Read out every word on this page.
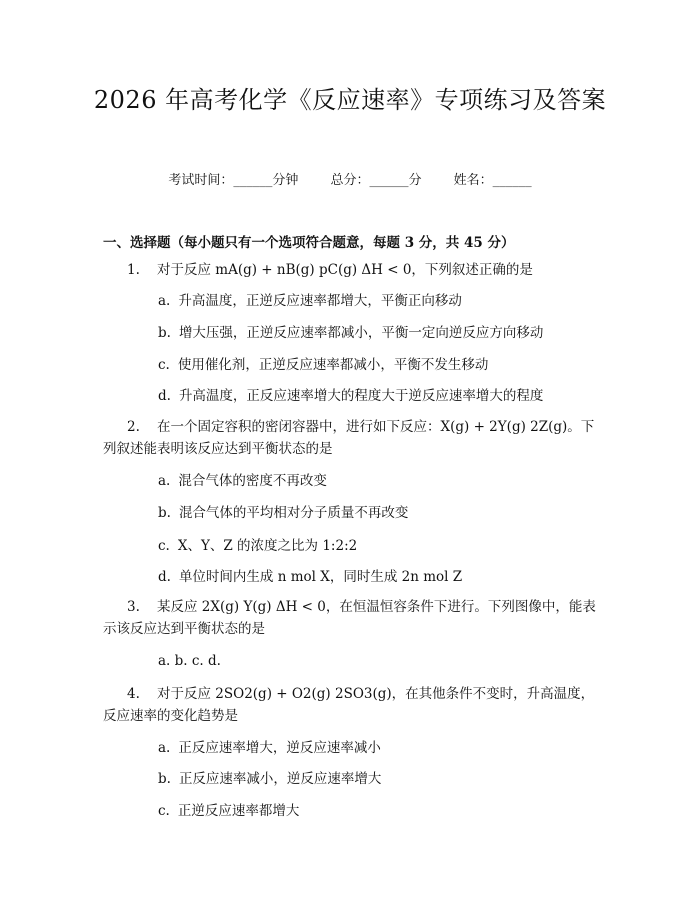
2026 年高考化学《反应速率》专项练习及答案
考试时间：______分钟 总分：______分 姓名：______
一、选择题（每小题只有一个选项符合题意，每题 3 分，共 45 分）
1. 对于反应 mA(g) + nB(g) pC(g) ΔH < 0，下列叙述正确的是
a. 升高温度，正逆反应速率都增大，平衡正向移动
b. 增大压强，正逆反应速率都减小，平衡一定向逆反应方向移动
c. 使用催化剂，正逆反应速率都减小，平衡不发生移动
d. 升高温度，正反应速率增大的程度大于逆反应速率增大的程度
2. 在一个固定容积的密闭容器中，进行如下反应：X(g) + 2Y(g) 2Z(g)。下列叙述能表明该反应达到平衡状态的是
a. 混合气体的密度不再改变
b. 混合气体的平均相对分子质量不再改变
c. X、Y、Z 的浓度之比为 1:2:2
d. 单位时间内生成 n mol X，同时生成 2n mol Z
3. 某反应 2X(g) Y(g) ΔH < 0，在恒温恒容条件下进行。下列图像中，能表示该反应达到平衡状态的是
a. b. c. d.
4. 对于反应 2SO2(g) + O2(g) 2SO3(g)，在其他条件不变时，升高温度，反应速率的变化趋势是
a. 正反应速率增大，逆反应速率减小
b. 正反应速率减小，逆反应速率增大
c. 正逆反应速率都增大
